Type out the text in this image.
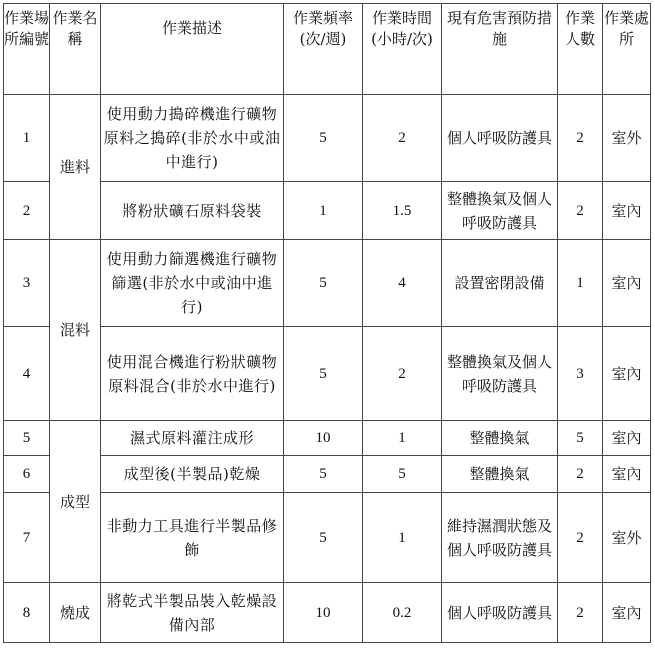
作業場所編號	作業名稱	作業描述	作業頻率(次/週)	作業時間(小時/次)	現有危害預防措施	作業人數	作業處所
1	進料	使用動力搗碎機進行礦物原料之搗碎(非於水中或油中進行)	5	2	個人呼吸防護具	2	室外
2		將粉狀礦石原料袋裝	1	1.5	整體換氣及個人呼吸防護具	2	室內
3	混料	使用動力篩選機進行礦物篩選(非於水中或油中進行)	5	4	設置密閉設備	1	室內
4		使用混合機進行粉狀礦物原料混合(非於水中進行)	5	2	整體換氣及個人呼吸防護具	3	室內
5	成型	濕式原料灌注成形	10	1	整體換氣	5	室內
6		成型後(半製品)乾燥	5	5	整體換氣	2	室內
7		非動力工具進行半製品修飾	5	1	維持濕潤狀態及個人呼吸防護具	2	室外
8	燒成	將乾式半製品裝入乾燥設備內部	10	0.2	個人呼吸防護具	2	室內
